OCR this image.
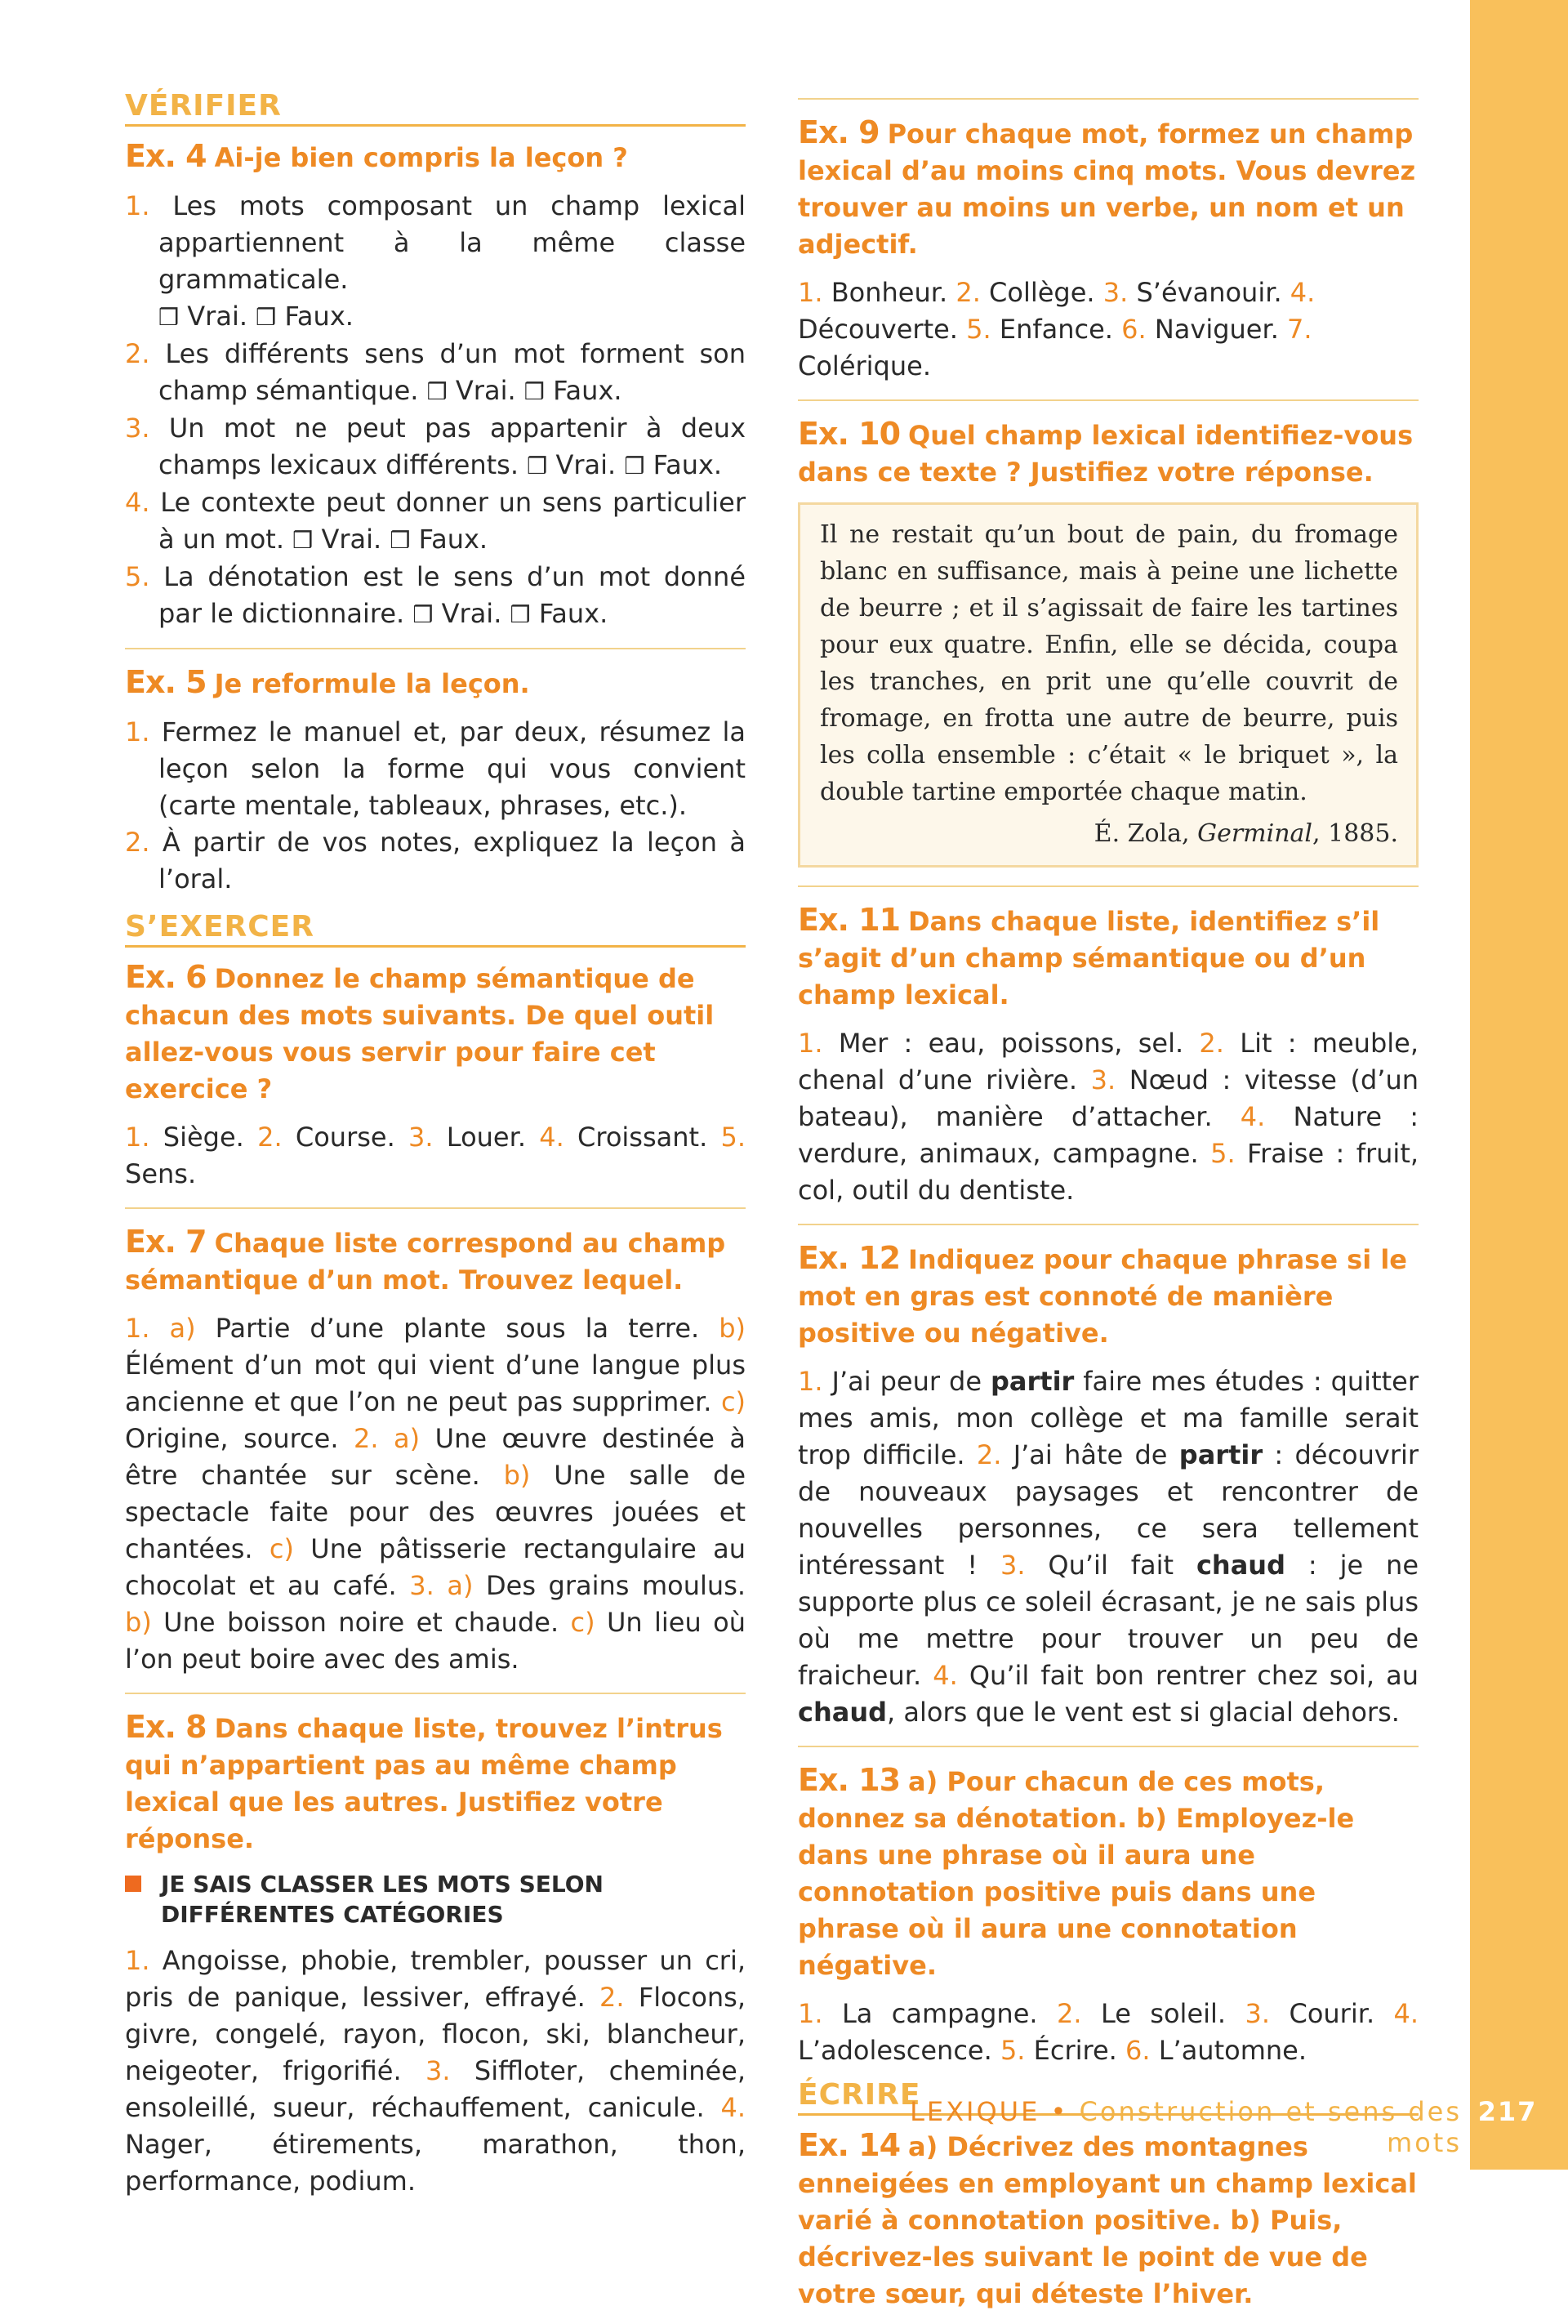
VÉRIFIER
Ex. 4 Ai-je bien compris la leçon ?
1. Les mots composant un champ lexical appartiennent à la même classe grammaticale.
❒ Vrai. ❒ Faux.
2. Les différents sens d’un mot forment son champ sémantique. ❒ Vrai. ❒ Faux.
3. Un mot ne peut pas appartenir à deux champs lexicaux différents. ❒ Vrai. ❒ Faux.
4. Le contexte peut donner un sens particulier à un mot. ❒ Vrai. ❒ Faux.
5. La dénotation est le sens d’un mot donné par le dictionnaire. ❒ Vrai. ❒ Faux.
Ex. 5 Je reformule la leçon.
1. Fermez le manuel et, par deux, résumez la leçon selon la forme qui vous convient (carte mentale, tableaux, phrases, etc.).
2. À partir de vos notes, expliquez la leçon à l’oral.
S’EXERCER
Ex. 6 Donnez le champ sémantique de chacun des mots suivants. De quel outil allez-vous vous servir pour faire cet exercice ?
1. Siège. 2. Course. 3. Louer. 4. Croissant. 5. Sens.
Ex. 7 Chaque liste correspond au champ sémantique d’un mot. Trouvez lequel.
1. a) Partie d’une plante sous la terre. b) Élément d’un mot qui vient d’une langue plus ancienne et que l’on ne peut pas supprimer. c) Origine, source. 2. a) Une œuvre destinée à être chantée sur scène. b) Une salle de spectacle faite pour des œuvres jouées et chantées. c) Une pâtisserie rectangulaire au chocolat et au café. 3. a) Des grains moulus. b) Une boisson noire et chaude. c) Un lieu où l’on peut boire avec des amis.
Ex. 8 Dans chaque liste, trouvez l’intrus qui n’appartient pas au même champ lexical que les autres. Justifiez votre réponse.
JE SAIS CLASSER LES MOTS SELON DIFFÉRENTES CATÉGORIES
1. Angoisse, phobie, trembler, pousser un cri, pris de panique, lessiver, effrayé. 2. Flocons, givre, congelé, rayon, flocon, ski, blancheur, neigeoter, frigorifié. 3. Siffloter, cheminée, ensoleillé, sueur, réchauffement, canicule. 4. Nager, étirements, marathon, thon, performance, podium.
Ex. 9 Pour chaque mot, formez un champ lexical d’au moins cinq mots. Vous devrez trouver au moins un verbe, un nom et un adjectif.
1. Bonheur. 2. Collège. 3. S’évanouir. 4. Découverte. 5. Enfance. 6. Naviguer. 7. Colérique.
Ex. 10 Quel champ lexical identifiez-vous dans ce texte ? Justifiez votre réponse.
Il ne restait qu’un bout de pain, du fromage blanc en suffisance, mais à peine une lichette de beurre ; et il s’agissait de faire les tartines pour eux quatre. Enfin, elle se décida, coupa les tranches, en prit une qu’elle couvrit de fromage, en frotta une autre de beurre, puis les colla ensemble : c’était « le briquet », la double tartine emportée chaque matin.
É. Zola, Germinal, 1885.
Ex. 11 Dans chaque liste, identifiez s’il s’agit d’un champ sémantique ou d’un champ lexical.
1. Mer : eau, poissons, sel. 2. Lit : meuble, chenal d’une rivière. 3. Nœud : vitesse (d’un bateau), manière d’attacher. 4. Nature : verdure, animaux, campagne. 5. Fraise : fruit, col, outil du dentiste.
Ex. 12 Indiquez pour chaque phrase si le mot en gras est connoté de manière positive ou négative.
1. J’ai peur de partir faire mes études : quitter mes amis, mon collège et ma famille serait trop difficile. 2. J’ai hâte de partir : découvrir de nouveaux paysages et rencontrer de nouvelles personnes, ce sera tellement intéressant ! 3. Qu’il fait chaud : je ne supporte plus ce soleil écrasant, je ne sais plus où me mettre pour trouver un peu de fraicheur. 4. Qu’il fait bon rentrer chez soi, au chaud, alors que le vent est si glacial dehors.
Ex. 13 a) Pour chacun de ces mots, donnez sa dénotation. b) Employez-le dans une phrase où il aura une connotation positive puis dans une phrase où il aura une connotation négative.
1. La campagne. 2. Le soleil. 3. Courir. 4. L’adolescence. 5. Écrire. 6. L’automne.
ÉCRIRE
Ex. 14 a) Décrivez des montagnes enneigées en employant un champ lexical varié à connotation positive. b) Puis, décrivez-les suivant le point de vue de votre sœur, qui déteste l’hiver.
LEXIQUE • Construction et sens des mots
217
